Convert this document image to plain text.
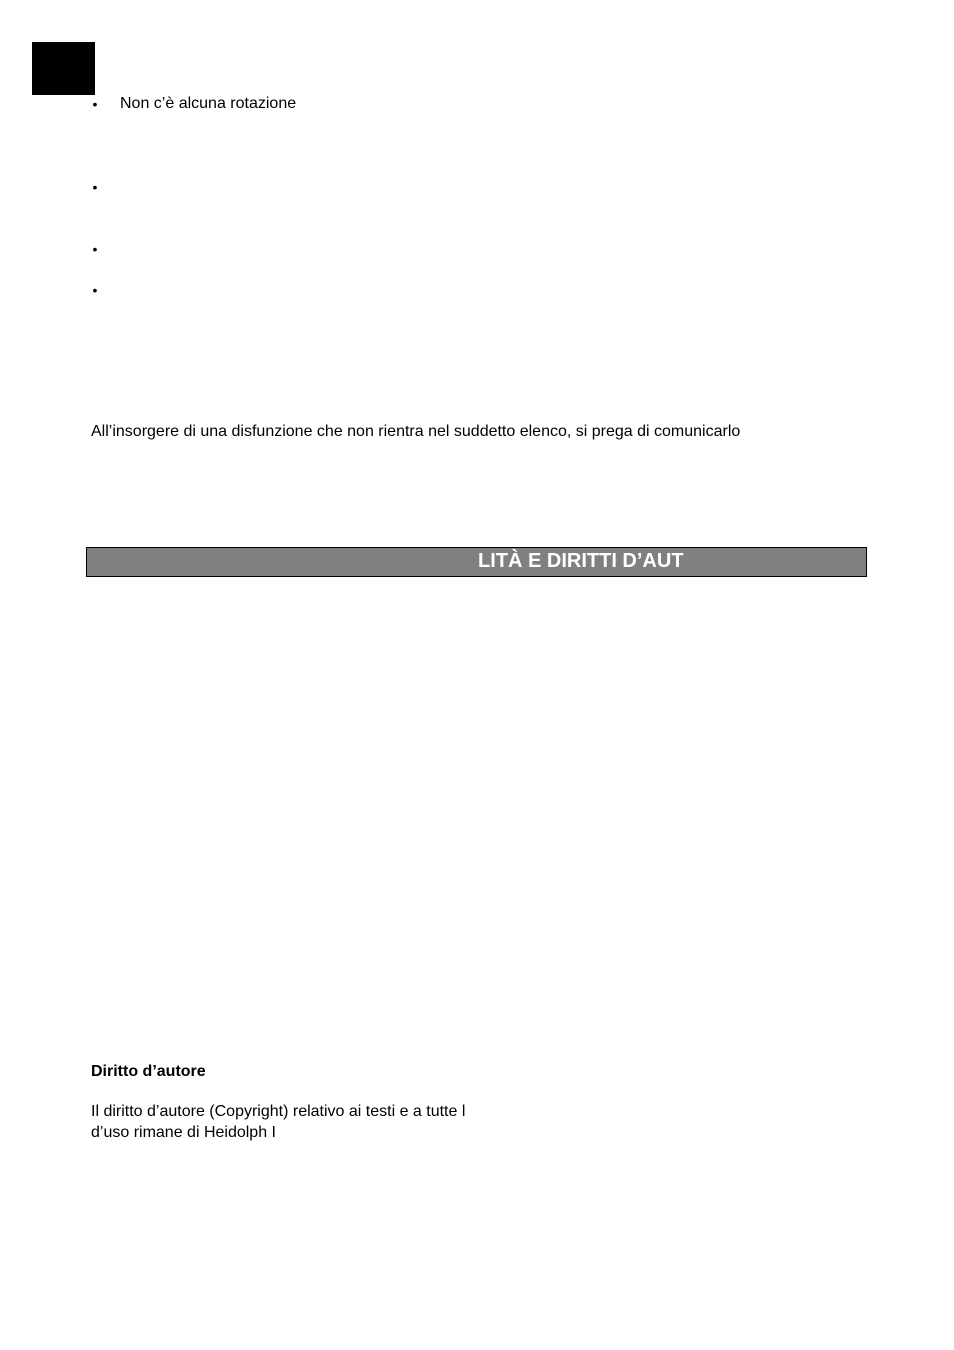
• Non c’è alcuna rotazione
•
•
•
All’insorgere di una disfunzione che non rientra nel suddetto elenco, si prega di comunicarlo
LITÀ E DIRITTI D’AUT
Diritto d’autore
Il diritto d’autore (Copyright) relativo ai testi e a tutte l
d’uso rimane di Heidolph I
